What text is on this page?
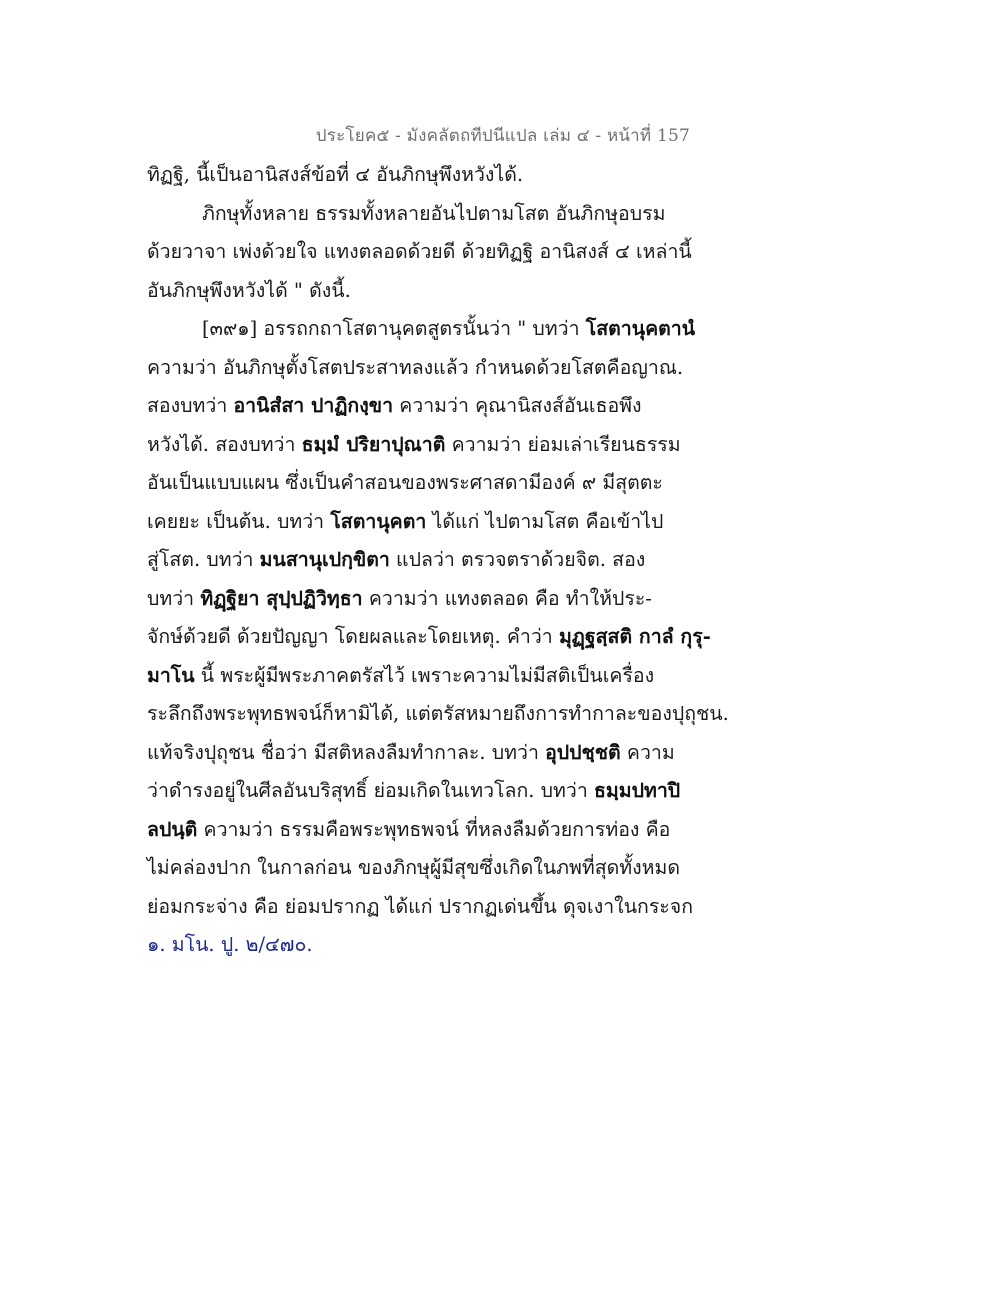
ประโยค๕ - มังคลัตถทีปนีแปล เล่ม ๔ - หน้าที่ 157
ทิฏฐิ, นี้เป็นอานิสงส์ข้อที่ ๔ อันภิกษุพึงหวังได้.
ภิกษุทั้งหลาย ธรรมทั้งหลายอันไปตามโสต อันภิกษุอบรม
ด้วยวาจา เพ่งด้วยใจ แทงตลอดด้วยดี ด้วยทิฏฐิ อานิสงส์ ๔ เหล่านี้
อันภิกษุพึงหวังได้ " ดังนี้.
[๓๙๑] อรรถกถาโสตานุคตสูตรนั้นว่า " บทว่า โสตานุคตานํ
ความว่า อันภิกษุตั้งโสตประสาทลงแล้ว กำหนดด้วยโสตคือญาณ.
สองบทว่า อานิสํสา ปาฏิกงฺขา ความว่า คุณานิสงส์อันเธอพึง
หวังได้. สองบทว่า ธมฺมํ ปริยาปุณาติ ความว่า ย่อมเล่าเรียนธรรม
อันเป็นแบบแผน ซึ่งเป็นคำสอนของพระศาสดามีองค์ ๙ มีสุตตะ
เคยยะ เป็นต้น. บทว่า โสตานุคตา ได้แก่ ไปตามโสต คือเข้าไป
สู่โสต. บทว่า มนสานุเปกฺขิตา แปลว่า ตรวจตราด้วยจิต. สอง
บทว่า ทิฏฺฐิยา สุปฺปฏิวิทฺธา ความว่า แทงตลอด คือ ทำให้ประ-
จักษ์ด้วยดี ด้วยปัญญา โดยผลและโดยเหตุ. คำว่า มุฏฺฐสฺสติ กาลํ กุรุ-
มาโน นี้ พระผู้มีพระภาคตรัสไว้ เพราะความไม่มีสติเป็นเครื่อง
ระลึกถึงพระพุทธพจน์ก็หามิได้, แต่ตรัสหมายถึงการทำกาละของปุถุชน.
แท้จริงปุถุชน ชื่อว่า มีสติหลงลืมทำกาละ. บทว่า อุปปชฺชติ ความ
ว่าดำรงอยู่ในศีลอันบริสุทธิ์ ย่อมเกิดในเทวโลก. บทว่า ธมฺมปทาปิ
ลปนฺติ ความว่า ธรรมคือพระพุทธพจน์ ที่หลงลืมด้วยการท่อง คือ
ไม่คล่องปาก ในกาลก่อน ของภิกษุผู้มีสุขซึ่งเกิดในภพที่สุดทั้งหมด
ย่อมกระจ่าง คือ ย่อมปรากฏ ได้แก่ ปรากฏเด่นขึ้น ดุจเงาในกระจก
๑. มโน. ปู. ๒/๔๗๐.
